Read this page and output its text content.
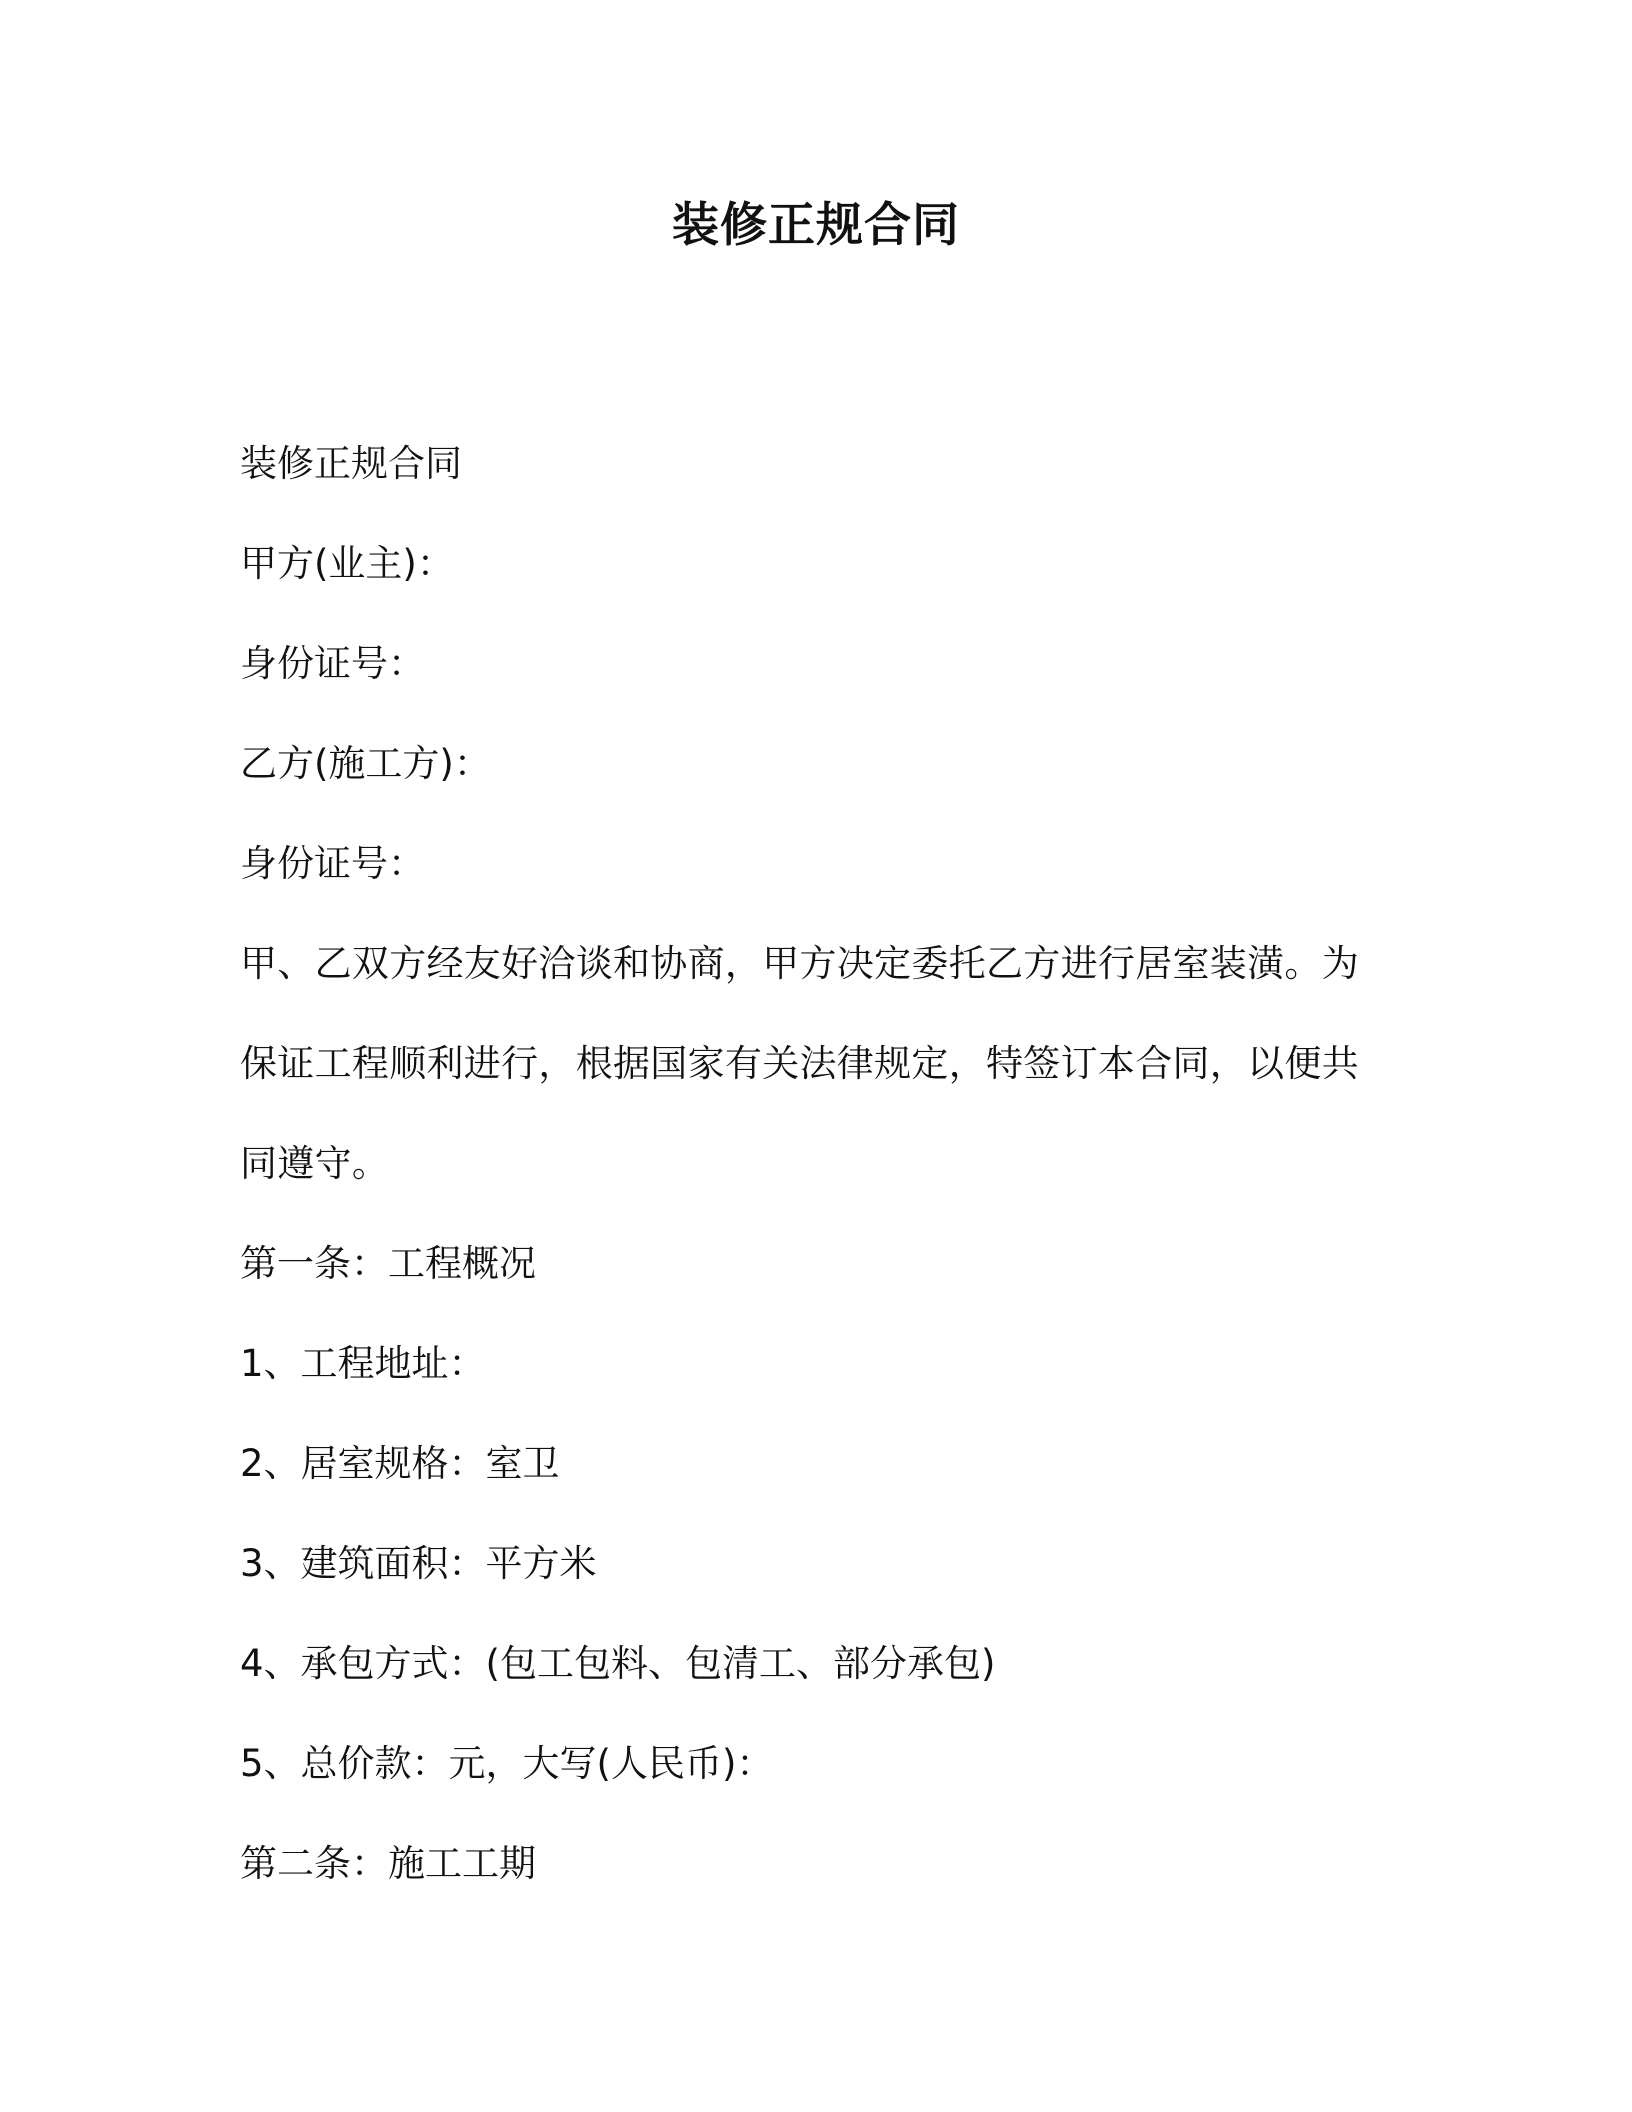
装修正规合同

装修正规合同

甲方(业主)：

身份证号：

乙方(施工方)：

身份证号：

甲、乙双方经友好洽谈和协商，甲方决定委托乙方进行居室装潢。为保证工程顺利进行，根据国家有关法律规定，特签订本合同，以便共同遵守。

第一条：工程概况

1、工程地址：

2、居室规格：室卫

3、建筑面积：平方米

4、承包方式：(包工包料、包清工、部分承包)

5、总价款：元，大写(人民币)：

第二条：施工工期
